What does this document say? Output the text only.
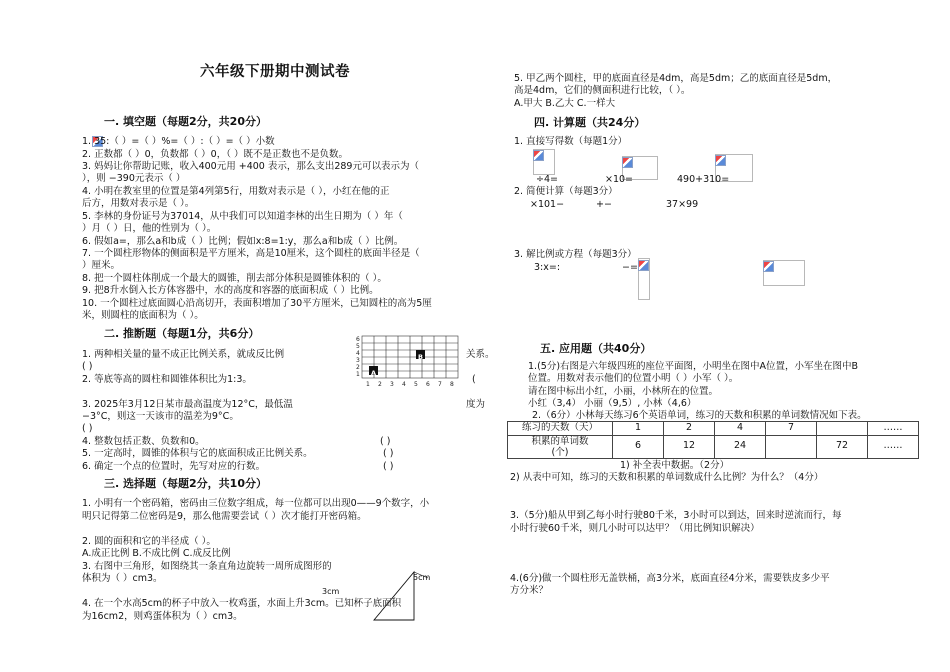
六年级下册期中测试卷
一. 填空题（每题2分，共20分）
1. 35:（ ）=（ ）%=（ ）:（ ）=（ ）小数
2. 正数都（ ）0，负数都（ ）0，（ ）既不是正数也不是负数。
3. 妈妈让你帮助记账，收入400元用 +400 表示，那么支出289元可以表示为（
），则 −390元表示（ ）
4. 小明在教室里的位置是第4列第5行，用数对表示是（ ），小红在他的正
后方，用数对表示是（ ）。
5. 李林的身份证号为37014，从中我们可以知道李林的出生日期为（ ）年（
）月（ ）日，他的性别为（ ）。
6. 假如a=，那么a和b成（ ）比例；假如x:8=1:y，那么a和b成（ ）比例。
7. 一个圆柱形物体的侧面积是平方厘米，高是10厘米，这个圆柱的底面半径是（
）厘米。
8. 把一个圆柱体削成一个最大的圆锥，削去部分体积是圆锥体积的（ ）。
9. 把8升水倒入长方体容器中，水的高度和容器的底面积成（ ）比例。
10. 一个圆柱过底面圆心沿高切开，表面积增加了30平方厘米，已知圆柱的高为5厘
米，则圆柱的底面积为（ ）。
二. 推断题（每题1分，共6分）
1. 两种相关量的量不成正比例关系，就成反比例
( )
2. 等底等高的圆柱和圆锥体积比为1:3。
3. 2025年3月12日某市最高温度为12°C，最低温
−3°C，则这一天该市的温差为9°C。
( )
4. 整数包括正数、负数和0。
5. 一定高时，圆锥的体积与它的底面积成正比例关系。
6. 确定一个点的位置时，先写对应的行数。
关系。
(
度为
( )
( )
( )
A
B
6
5
4
3
2
1
1 2 3 4 5 6 7 8
三. 选择题（每题2分，共10分）
1. 小明有一个密码箱，密码由三位数字组成，每一位都可以出现0——9个数字，小
明只记得第二位密码是9，那么他需要尝试（ ）次才能打开密码箱。
2. 圆的面积和它的半径成（ ）。
A.成正比例 B.不成比例 C.成反比例
3. 右图中三角形，如图绕其一条直角边旋转一周所成图形的
体积为（ ）cm3。
4. 在一个水高5cm的杯子中放入一枚鸡蛋，水面上升3cm。已知杯子底面积
为16cm2，则鸡蛋体积为（ ）cm3。
5cm
3cm
5. 甲乙两个圆柱，甲的底面直径是4dm，高是5dm；乙的底面直径是5dm，
高是4dm，它们的侧面积进行比较，（ ）。
A.甲大 B.乙大 C.一样大
四. 计算题（共24分）
1. 直接写得数（每题1分）
÷4=	×10=	490+310=
2. 简便计算（每题3分）
×101−	+−	37×99
3. 解比例或方程（每题3分）
3:x=:	−=
五. 应用题（共40分）
1.(5分)右图是六年级四班的座位平面图，小明坐在图中A位置，小军坐在图中B
位置。用数对表示他们的位置小明（ ）小军（ ）。
请在图中标出小红，小丽，小林所在的位置。
小红（3,4） 小丽（9,5）, 小林（4,6）
2.（6分）小林每天练习6个英语单词，练习的天数和积累的单词数情况如下表。
练习的天数（天）	1	2	4	7		……

积累的单词数
(个)	6	12	24		72	……
1) 补全表中数据。（2分）
2) 从表中可知，练习的天数和积累的单词数成什么比例？为什么？（4分）
3.（5分)船从甲到乙每小时行驶80千米，3小时可以到达，回来时逆流而行，每
小时行驶60千米，则几小时可以达甲？（用比例知识解决）
4.(6分)做一个圆柱形无盖铁桶，高3分米，底面直径4分米，需要铁皮多少平
方分米？
